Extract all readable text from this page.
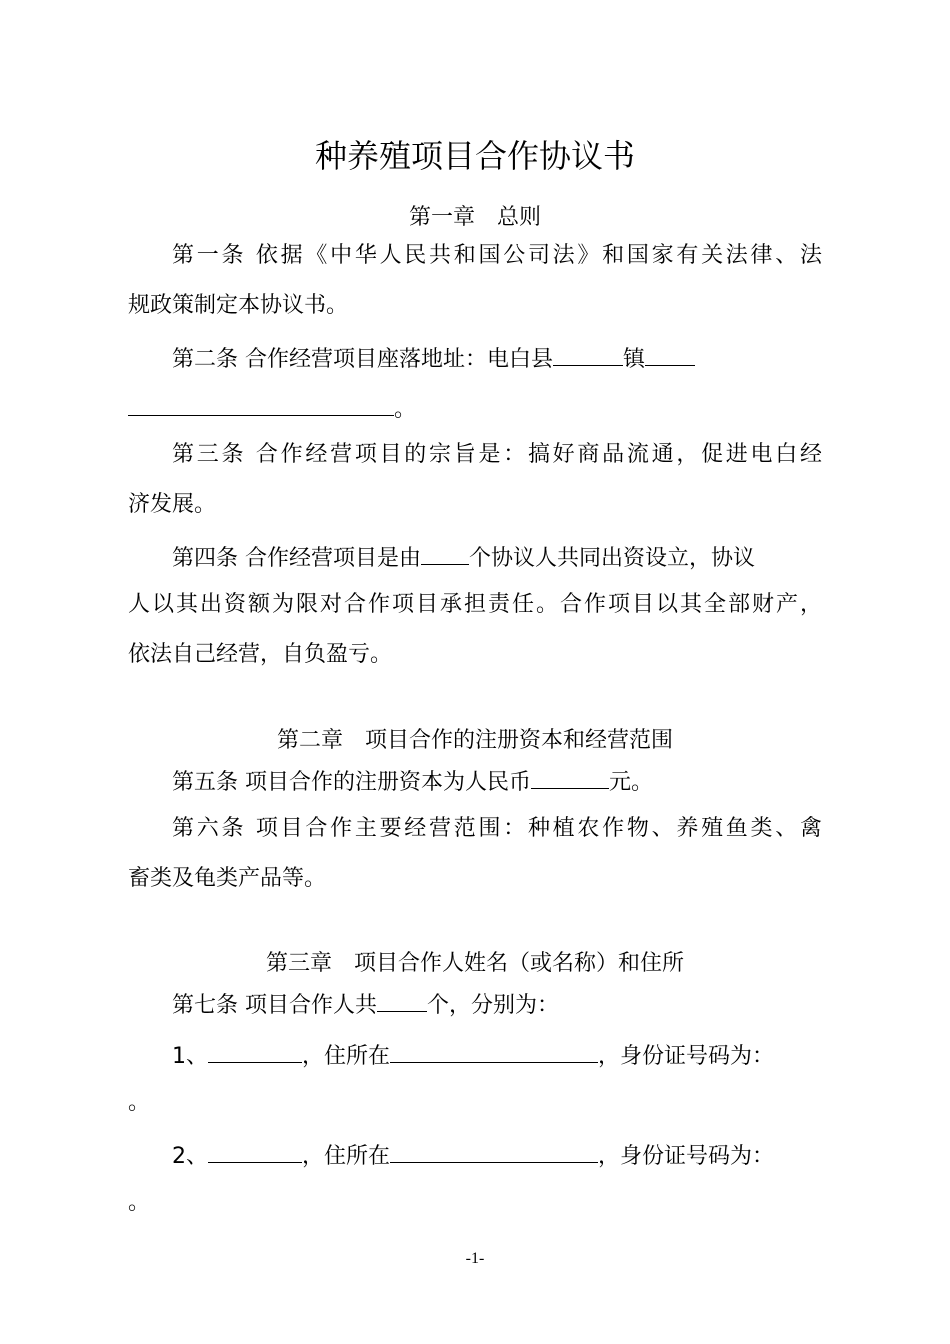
种养殖项目合作协议书
第一章　总则
第一条 依据《中华人民共和国公司法》和国家有关法律、法
规政策制定本协议书。
第二条 合作经营项目座落地址：电白县	镇
。
第三条 合作经营项目的宗旨是：搞好商品流通，促进电白经
济发展。
第四条 合作经营项目是由 个协议人共同出资设立，协议
人以其出资额为限对合作项目承担责任。合作项目以其全部财产，
依法自己经营，自负盈亏。
第二章　项目合作的注册资本和经营范围
第五条 项目合作的注册资本为人民币	元。
第六条 项目合作主要经营范围：种植农作物、养殖鱼类、禽
畜类及龟类产品等。
第三章　项目合作人姓名（或名称）和住所
第七条 项目合作人共 个，分别为：
1、	，住所在	，身份证号码为：
。
2、	，住所在	，身份证号码为：
。
-1-
